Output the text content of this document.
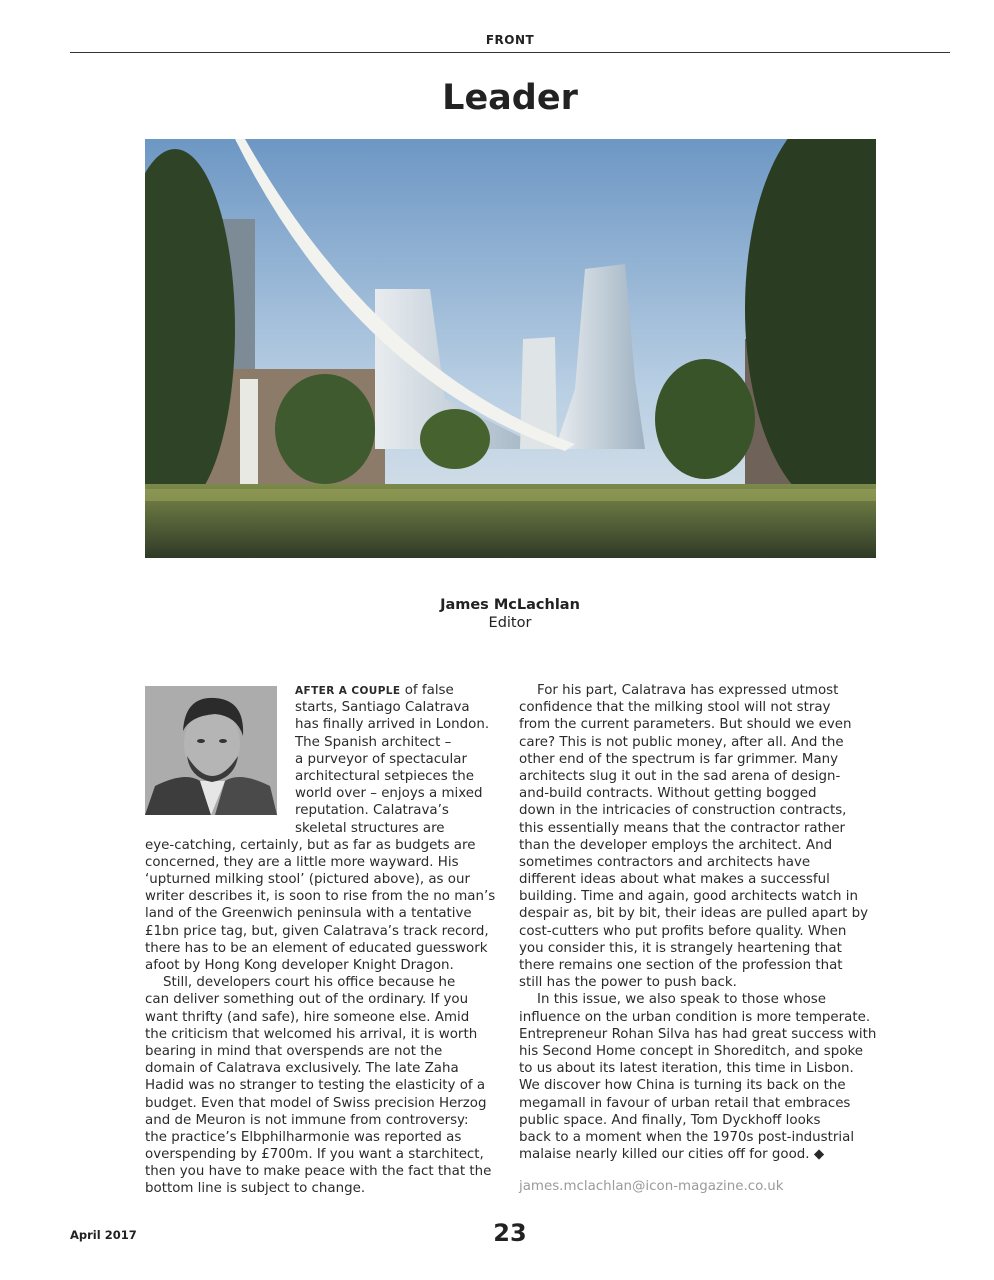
FRONT
Leader
James McLachlan
Editor
AFTER A COUPLE of false
starts, Santiago Calatrava
has finally arrived in London.
The Spanish architect –
a purveyor of spectacular
architectural setpieces the
world over – enjoys a mixed
reputation. Calatrava’s
skeletal structures are
eye-catching, certainly, but as far as budgets are
concerned, they are a little more wayward. His
‘upturned milking stool’ (pictured above), as our
writer describes it, is soon to rise from the no man’s
land of the Greenwich peninsula with a tentative
£1bn price tag, but, given Calatrava’s track record,
there has to be an element of educated guesswork
afoot by Hong Kong developer Knight Dragon.
Still, developers court his office because he
can deliver something out of the ordinary. If you
want thrifty (and safe), hire someone else. Amid
the criticism that welcomed his arrival, it is worth
bearing in mind that overspends are not the
domain of Calatrava exclusively. The late Zaha
Hadid was no stranger to testing the elasticity of a
budget. Even that model of Swiss precision Herzog
and de Meuron is not immune from controversy:
the practice’s Elbphilharmonie was reported as
overspending by £700m. If you want a starchitect,
then you have to make peace with the fact that the
bottom line is subject to change.
For his part, Calatrava has expressed utmost
confidence that the milking stool will not stray
from the current parameters. But should we even
care? This is not public money, after all. And the
other end of the spectrum is far grimmer. Many
architects slug it out in the sad arena of design-
and-build contracts. Without getting bogged
down in the intricacies of construction contracts,
this essentially means that the contractor rather
than the developer employs the architect. And
sometimes contractors and architects have
different ideas about what makes a successful
building. Time and again, good architects watch in
despair as, bit by bit, their ideas are pulled apart by
cost-cutters who put profits before quality. When
you consider this, it is strangely heartening that
there remains one section of the profession that
still has the power to push back.
In this issue, we also speak to those whose
influence on the urban condition is more temperate.
Entrepreneur Rohan Silva has had great success with
his Second Home concept in Shoreditch, and spoke
to us about its latest iteration, this time in Lisbon.
We discover how China is turning its back on the
megamall in favour of urban retail that embraces
public space. And finally, Tom Dyckhoff looks
back to a moment when the 1970s post-industrial
malaise nearly killed our cities off for good. ◆
james.mclachlan@icon-magazine.co.uk
April 2017	23
